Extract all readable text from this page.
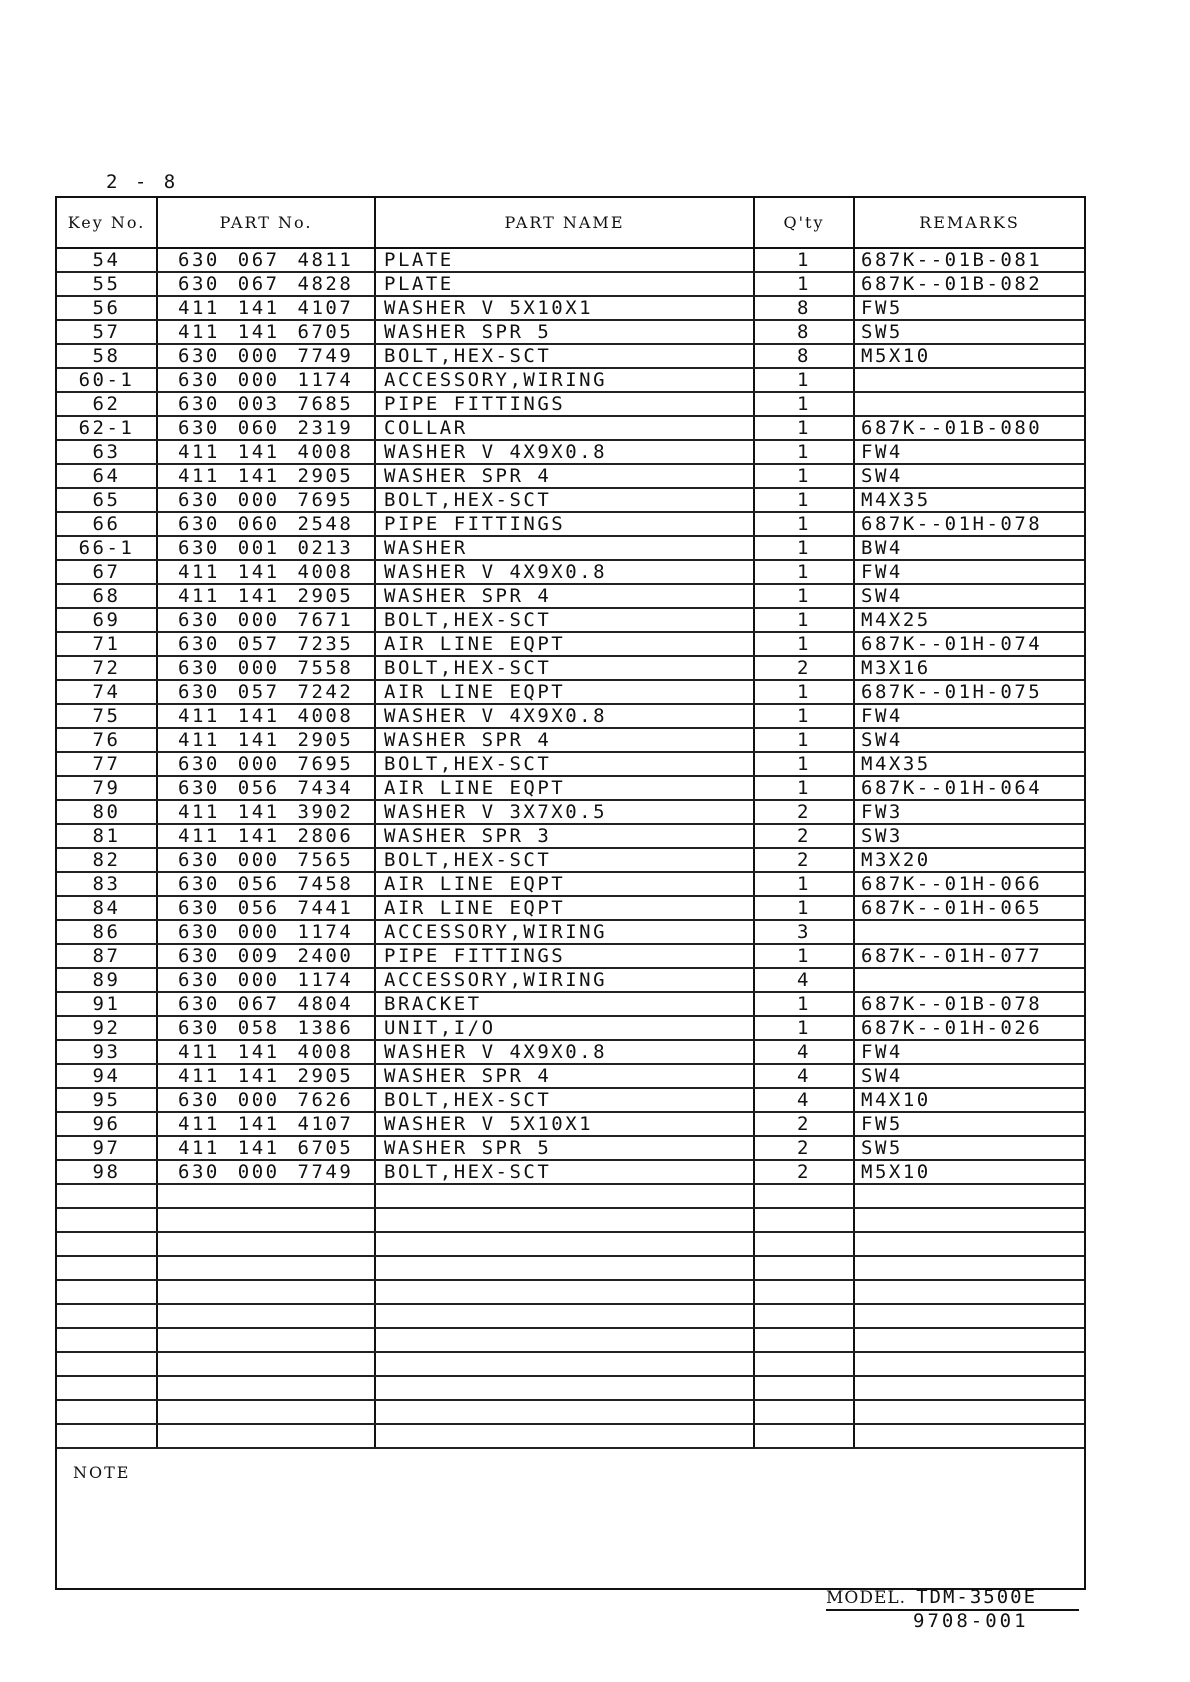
2 - 8
Key No.	PART No.	PART NAME	Q'ty	REMARKS
54	630 067 4811	PLATE	1	687K--01B-081
55	630 067 4828	PLATE	1	687K--01B-082
56	411 141 4107	WASHER V 5X10X1	8	FW5
57	411 141 6705	WASHER SPR 5	8	SW5
58	630 000 7749	BOLT,HEX-SCT	8	M5X10
60-1	630 000 1174	ACCESSORY,WIRING	1
62	630 003 7685	PIPE FITTINGS	1
62-1	630 060 2319	COLLAR	1	687K--01B-080
63	411 141 4008	WASHER V 4X9X0.8	1	FW4
64	411 141 2905	WASHER SPR 4	1	SW4
65	630 000 7695	BOLT,HEX-SCT	1	M4X35
66	630 060 2548	PIPE FITTINGS	1	687K--01H-078
66-1	630 001 0213	WASHER	1	BW4
67	411 141 4008	WASHER V 4X9X0.8	1	FW4
68	411 141 2905	WASHER SPR 4	1	SW4
69	630 000 7671	BOLT,HEX-SCT	1	M4X25
71	630 057 7235	AIR LINE EQPT	1	687K--01H-074
72	630 000 7558	BOLT,HEX-SCT	2	M3X16
74	630 057 7242	AIR LINE EQPT	1	687K--01H-075
75	411 141 4008	WASHER V 4X9X0.8	1	FW4
76	411 141 2905	WASHER SPR 4	1	SW4
77	630 000 7695	BOLT,HEX-SCT	1	M4X35
79	630 056 7434	AIR LINE EQPT	1	687K--01H-064
80	411 141 3902	WASHER V 3X7X0.5	2	FW3
81	411 141 2806	WASHER SPR 3	2	SW3
82	630 000 7565	BOLT,HEX-SCT	2	M3X20
83	630 056 7458	AIR LINE EQPT	1	687K--01H-066
84	630 056 7441	AIR LINE EQPT	1	687K--01H-065
86	630 000 1174	ACCESSORY,WIRING	3
87	630 009 2400	PIPE FITTINGS	1	687K--01H-077
89	630 000 1174	ACCESSORY,WIRING	4
91	630 067 4804	BRACKET	1	687K--01B-078
92	630 058 1386	UNIT,I/O	1	687K--01H-026
93	411 141 4008	WASHER V 4X9X0.8	4	FW4
94	411 141 2905	WASHER SPR 4	4	SW4
95	630 000 7626	BOLT,HEX-SCT	4	M4X10
96	411 141 4107	WASHER V 5X10X1	2	FW5
97	411 141 6705	WASHER SPR 5	2	SW5
98	630 000 7749	BOLT,HEX-SCT	2	M5X10
NOTE
MODEL. TDM-3500E
9708-001
